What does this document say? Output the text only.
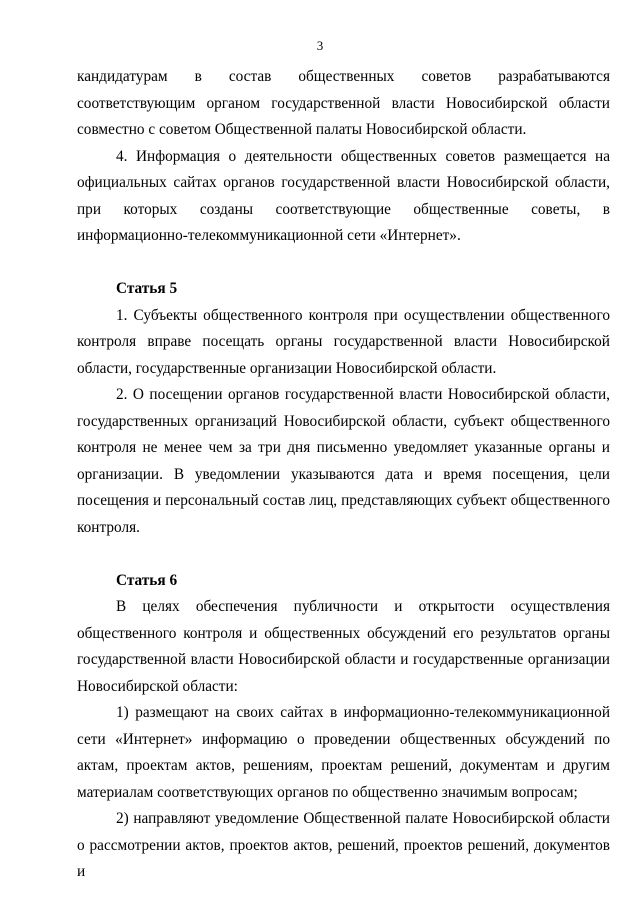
3

кандидатурам в состав общественных советов разрабатываются соответствующим органом государственной власти Новосибирской области совместно с советом Общественной палаты Новосибирской области.

4. Информация о деятельности общественных советов размещается на официальных сайтах органов государственной власти Новосибирской области, при которых созданы соответствующие общественные советы, в информационно-телекоммуникационной сети «Интернет».

Статья 5

1. Субъекты общественного контроля при осуществлении общественного контроля вправе посещать органы государственной власти Новосибирской области, государственные организации Новосибирской области.

2. О посещении органов государственной власти Новосибирской области, государственных организаций Новосибирской области, субъект общественного контроля не менее чем за три дня письменно уведомляет указанные органы и организации. В уведомлении указываются дата и время посещения, цели посещения и персональный состав лиц, представляющих субъект общественного контроля.

Статья 6

В целях обеспечения публичности и открытости осуществления общественного контроля и общественных обсуждений его результатов органы государственной власти Новосибирской области и государственные организации Новосибирской области:

1) размещают на своих сайтах в информационно-телекоммуникационной сети «Интернет» информацию о проведении общественных обсуждений по актам, проектам актов, решениям, проектам решений, документам и другим материалам соответствующих органов по общественно значимым вопросам;

2) направляют уведомление Общественной палате Новосибирской области о рассмотрении актов, проектов актов, решений, проектов решений, документов и
